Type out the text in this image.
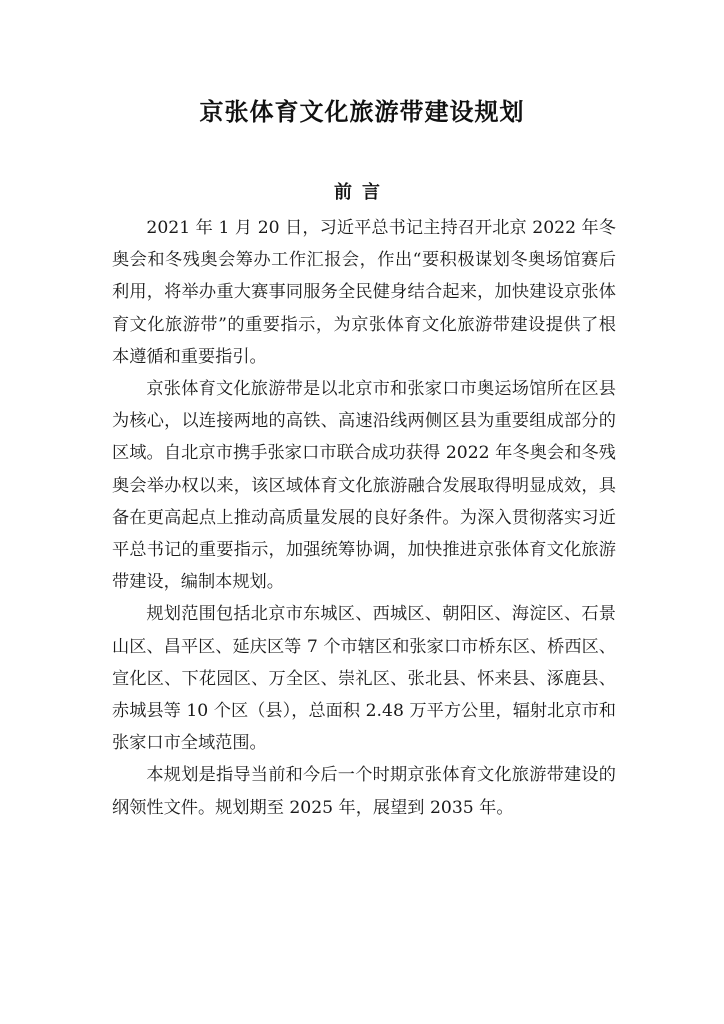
京张体育文化旅游带建设规划
前言

2021 年 1 月 20 日，习近平总书记主持召开北京 2022 年冬奥会和冬残奥会筹办工作汇报会，作出“要积极谋划冬奥场馆赛后利用，将举办重大赛事同服务全民健身结合起来，加快建设京张体育文化旅游带”的重要指示，为京张体育文化旅游带建设提供了根本遵循和重要指引。

京张体育文化旅游带是以北京市和张家口市奥运场馆所在区县为核心，以连接两地的高铁、高速沿线两侧区县为重要组成部分的区域。自北京市携手张家口市联合成功获得 2022 年冬奥会和冬残奥会举办权以来，该区域体育文化旅游融合发展取得明显成效，具备在更高起点上推动高质量发展的良好条件。为深入贯彻落实习近平总书记的重要指示，加强统筹协调，加快推进京张体育文化旅游带建设，编制本规划。

规划范围包括北京市东城区、西城区、朝阳区、海淀区、石景山区、昌平区、延庆区等 7 个市辖区和张家口市桥东区、桥西区、宣化区、下花园区、万全区、崇礼区、张北县、怀来县、涿鹿县、赤城县等 10 个区（县），总面积 2.48 万平方公里，辐射北京市和张家口市全域范围。

本规划是指导当前和今后一个时期京张体育文化旅游带建设的纲领性文件。规划期至 2025 年，展望到 2035 年。
